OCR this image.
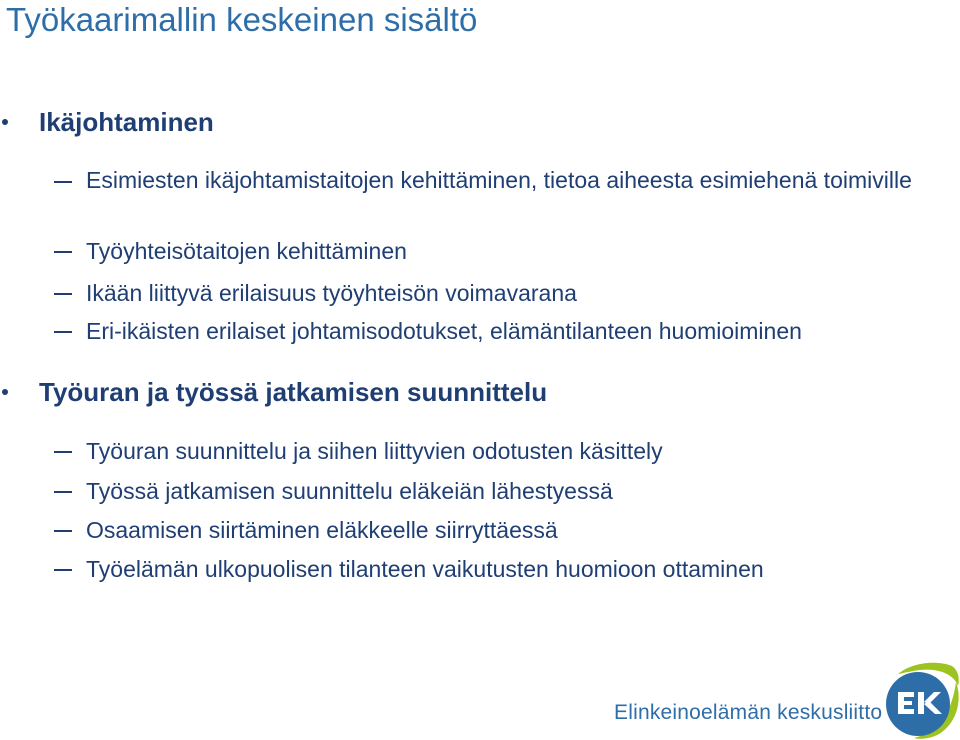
Työkaarimallin keskeinen sisältö
Ikäjohtaminen
Esimiesten ikäjohtamistaitojen kehittäminen, tietoa aiheesta esimiehenä toimiville
Työyhteisötaitojen kehittäminen
Ikään liittyvä erilaisuus työyhteisön voimavarana
Eri-ikäisten erilaiset johtamisodotukset, elämäntilanteen huomioiminen
Työuran ja työssä jatkamisen suunnittelu
Työuran suunnittelu ja siihen liittyvien odotusten käsittely
Työssä jatkamisen suunnittelu eläkeiän lähestyessä
Osaamisen siirtäminen eläkkeelle siirryttäessä
Työelämän ulkopuolisen tilanteen vaikutusten huomioon ottaminen
Elinkeinoelämän keskusliitto
